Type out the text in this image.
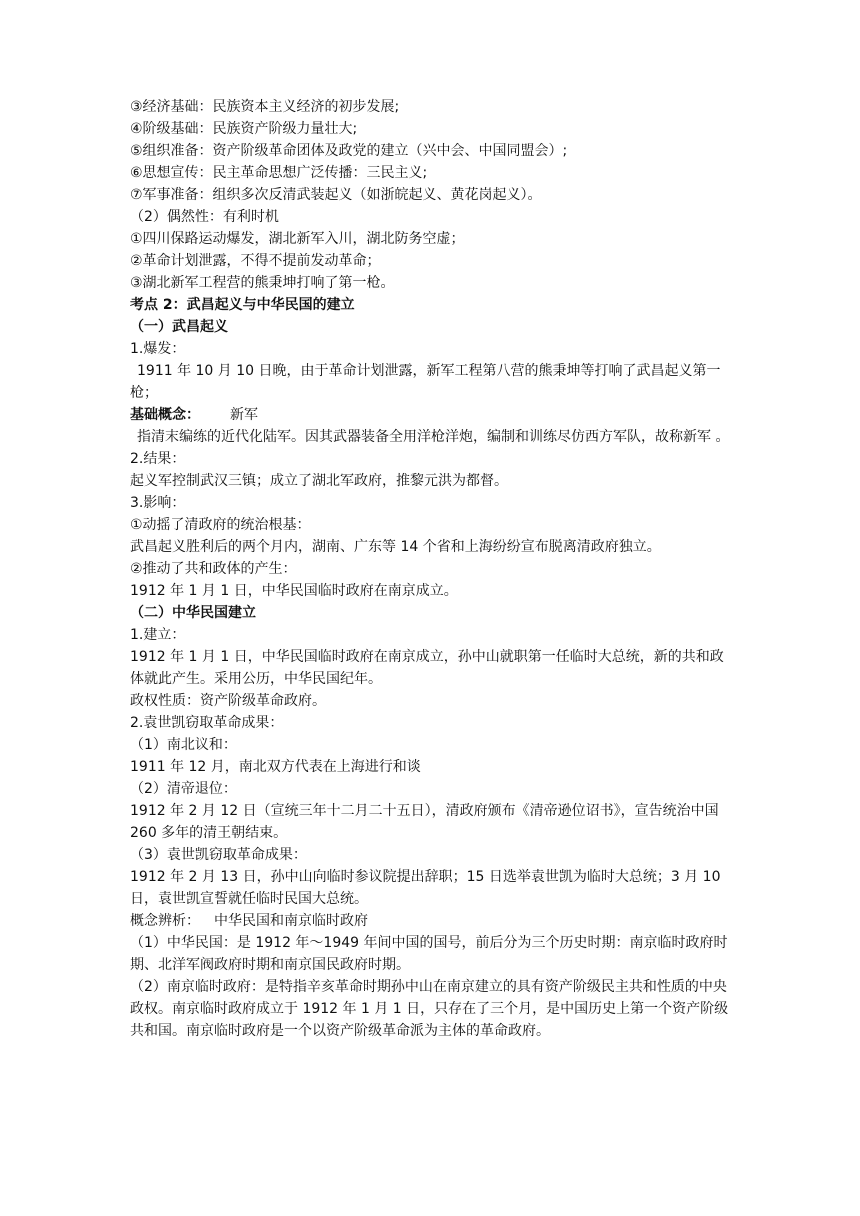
③经济基础：民族资本主义经济的初步发展;

④阶级基础：民族资产阶级力量壮大;

⑤组织准备：资产阶级革命团体及政党的建立（兴中会、中国同盟会）;

⑥思想宣传：民主革命思想广泛传播：三民主义;

⑦军事准备：组织多次反清武装起义（如浙皖起义、黄花岗起义）。

（2）偶然性：有利时机

①四川保路运动爆发，湖北新军入川，湖北防务空虚；

②革命计划泄露，不得不提前发动革命；

③湖北新军工程营的熊秉坤打响了第一枪。

考点 2：武昌起义与中华民国的建立

（一）武昌起义

1.爆发：

1911 年 10 月 10 日晚，由于革命计划泄露，新军工程第八营的熊秉坤等打响了武昌起义第一枪；

基础概念： 新军

指清末编练的近代化陆军。因其武器装备全用洋枪洋炮，编制和训练尽仿西方军队，故称新军 。

2.结果：

起义军控制武汉三镇；成立了湖北军政府，推黎元洪为都督。

3.影响：

①动摇了清政府的统治根基：

武昌起义胜利后的两个月内，湖南、广东等 14 个省和上海纷纷宣布脱离清政府独立。

②推动了共和政体的产生：

1912 年 1 月 1 日，中华民国临时政府在南京成立。

（二）中华民国建立

1.建立：

1912 年 1 月 1 日，中华民国临时政府在南京成立，孙中山就职第一任临时大总统，新的共和政体就此产生。采用公历，中华民国纪年。

政权性质：资产阶级革命政府。

2.袁世凯窃取革命成果：

（1）南北议和：

1911 年 12 月，南北双方代表在上海进行和谈

（2）清帝退位：

1912 年 2 月 12 日（宣统三年十二月二十五日），清政府颁布《清帝逊位诏书》，宣告统治中国 260 多年的清王朝结束。

（3）袁世凯窃取革命成果：

1912 年 2 月 13 日，孙中山向临时参议院提出辞职；15 日选举袁世凯为临时大总统；3 月 10 日，袁世凯宣誓就任临时民国大总统。

概念辨析： 中华民国和南京临时政府

（1）中华民国：是 1912 年～1949 年间中国的国号，前后分为三个历史时期：南京临时政府时期、北洋军阀政府时期和南京国民政府时期。

（2）南京临时政府：是特指辛亥革命时期孙中山在南京建立的具有资产阶级民主共和性质的中央政权。南京临时政府成立于 1912 年 1 月 1 日，只存在了三个月，是中国历史上第一个资产阶级共和国。南京临时政府是一个以资产阶级革命派为主体的革命政府。
